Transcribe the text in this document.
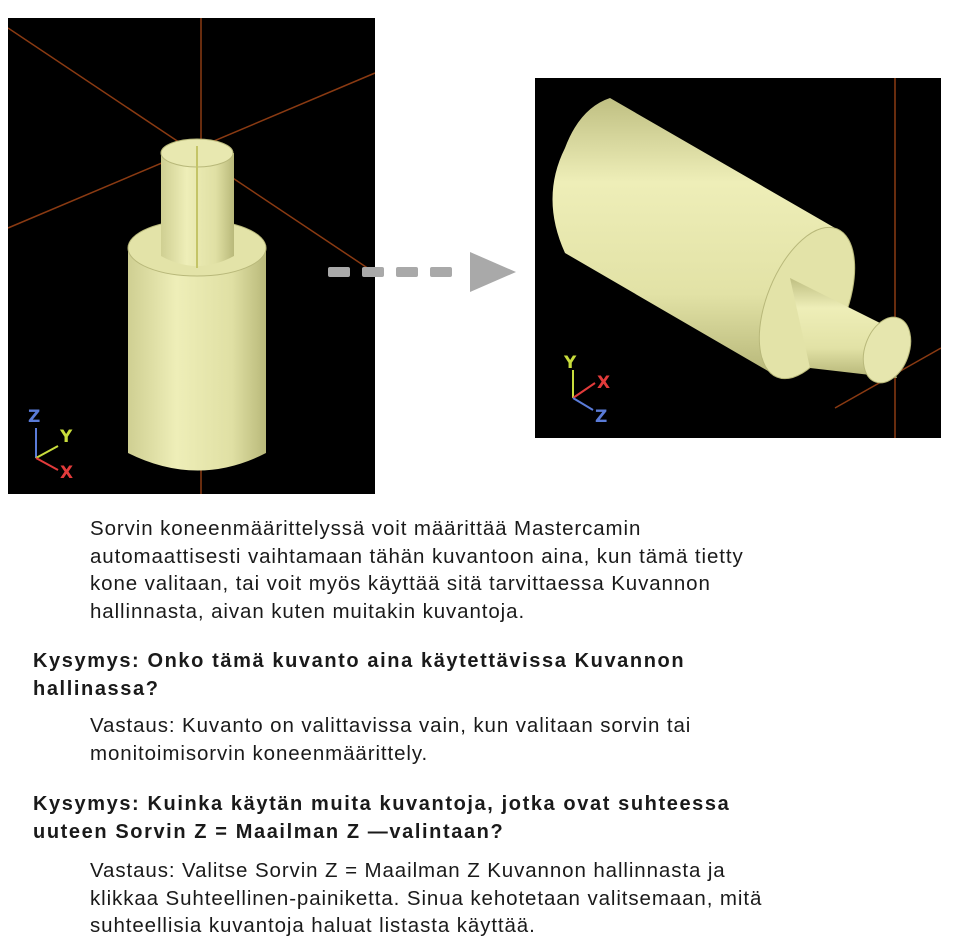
Z
Y
X
Y
X
Z

Sorvin koneenmäärittelyssä voit määrittää Mastercamin
automaattisesti vaihtamaan tähän kuvantoon aina, kun tämä tietty
kone valitaan, tai voit myös käyttää sitä tarvittaessa Kuvannon
hallinnasta, aivan kuten muitakin kuvantoja.

Kysymys: Onko tämä kuvanto aina käytettävissa Kuvannon
hallinassa?

Vastaus: Kuvanto on valittavissa vain, kun valitaan sorvin tai
monitoimisorvin koneenmäärittely.

Kysymys: Kuinka käytän muita kuvantoja, jotka ovat suhteessa
uuteen Sorvin Z = Maailman Z —valintaan?

Vastaus: Valitse Sorvin Z = Maailman Z Kuvannon hallinnasta ja
klikkaa Suhteellinen-painiketta. Sinua kehotetaan valitsemaan, mitä
suhteellisia kuvantoja haluat listasta käyttää.
